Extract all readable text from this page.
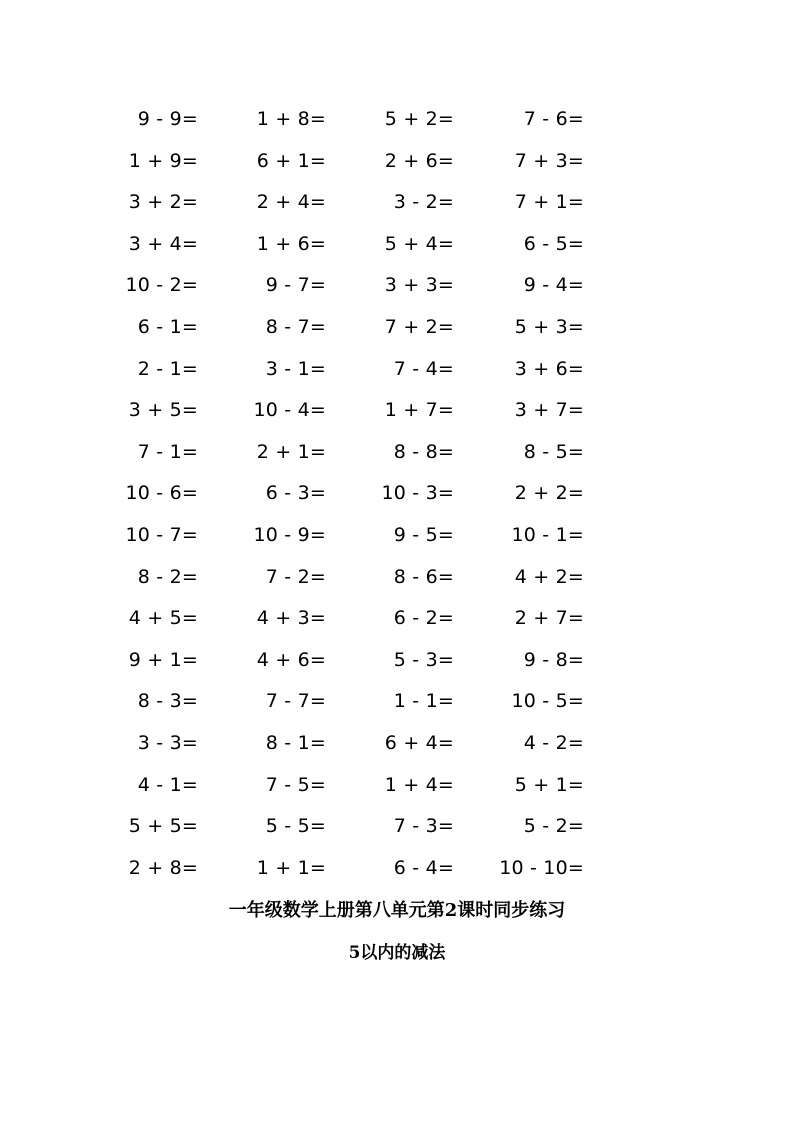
9 - 9=	1 + 8=	5 + 2=	7 - 6=
1 + 9=	6 + 1=	2 + 6=	7 + 3=
3 + 2=	2 + 4=	3 - 2=	7 + 1=
3 + 4=	1 + 6=	5 + 4=	6 - 5=
10 - 2=	9 - 7=	3 + 3=	9 - 4=
6 - 1=	8 - 7=	7 + 2=	5 + 3=
2 - 1=	3 - 1=	7 - 4=	3 + 6=
3 + 5=	10 - 4=	1 + 7=	3 + 7=
7 - 1=	2 + 1=	8 - 8=	8 - 5=
10 - 6=	6 - 3=	10 - 3=	2 + 2=
10 - 7=	10 - 9=	9 - 5=	10 - 1=
8 - 2=	7 - 2=	8 - 6=	4 + 2=
4 + 5=	4 + 3=	6 - 2=	2 + 7=
9 + 1=	4 + 6=	5 - 3=	9 - 8=
8 - 3=	7 - 7=	1 - 1=	10 - 5=
3 - 3=	8 - 1=	6 + 4=	4 - 2=
4 - 1=	7 - 5=	1 + 4=	5 + 1=
5 + 5=	5 - 5=	7 - 3=	5 - 2=
2 + 8=	1 + 1=	6 - 4=	10 - 10=
一年级数学上册第八单元第2课时同步练习
5以内的减法
